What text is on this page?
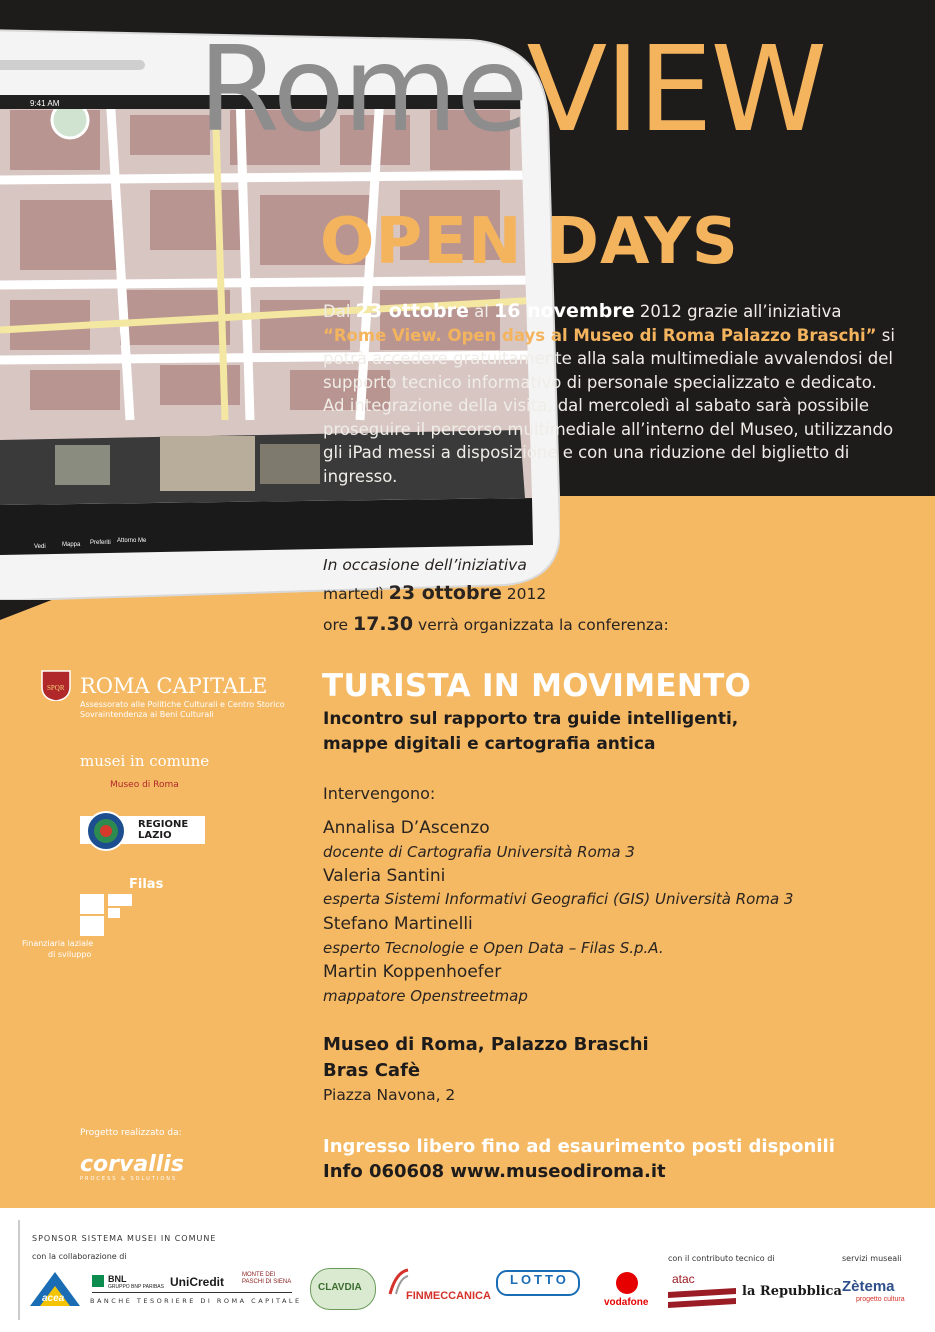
9:41 AM
Vedi	Mappa Preferiti Attorno Me
RomeVIEW
OPEN DAYS
Dal 23 ottobre al 16 novembre 2012 grazie all’iniziativa
“Rome View. Open days al Museo di Roma Palazzo Braschi” si potrà accedere gratuitamente alla sala multimediale avvalendosi del supporto tecnico informativo di personale specializzato e dedicato. Ad integrazione della visita, dal mercoledì al sabato sarà possibile proseguire il percorso multimediale all’interno del Museo, utilizzando gli iPad messi a disposizione e con una riduzione del biglietto di ingresso.
In occasione dell’iniziativa
martedì 23 ottobre 2012
ore 17.30 verrà organizzata la conferenza:
TURISTA IN MOVIMENTO
Incontro sul rapporto tra guide intelligenti,
mappe digitali e cartografia antica
Intervengono:
Annalisa D’Ascenzo
docente di Cartografia Università Roma 3
Valeria Santini
esperta Sistemi Informativi Geografici (GIS) Università Roma 3
Stefano Martinelli
esperto Tecnologie e Open Data – Filas S.p.A.
Martin Koppenhoefer
mappatore Openstreetmap
Museo di Roma, Palazzo Braschi
Bras Cafè
Piazza Navona, 2
Ingresso libero fino ad esaurimento posti disponili
Info 060608 www.museodiroma.it
SPQR ROMA CAPITALE
Assessorato alle Politiche Culturali e Centro Storico
Sovraintendenza ai Beni Culturali
musei in comune
Museo di Roma
REGIONE
LAZIO
Filas
Finanziaria laziale
di sviluppo
Progetto realizzato da:
corvallis
PROCESS & SOLUTIONS
SPONSOR SISTEMA MUSEI IN COMUNE
con la collaborazione di	con il contributo tecnico di	servizi museali
acea
BNL
GRUPPO BNP PARIBAS UniCredit	MONTE DEI PASCHI DI SIENA
BANCHE TESORIERE DI ROMA CAPITALE
CLAVDIA
FINMECCANICA
LOTTO
vodafone
atac
la Repubblica Zètema
progetto cultura
